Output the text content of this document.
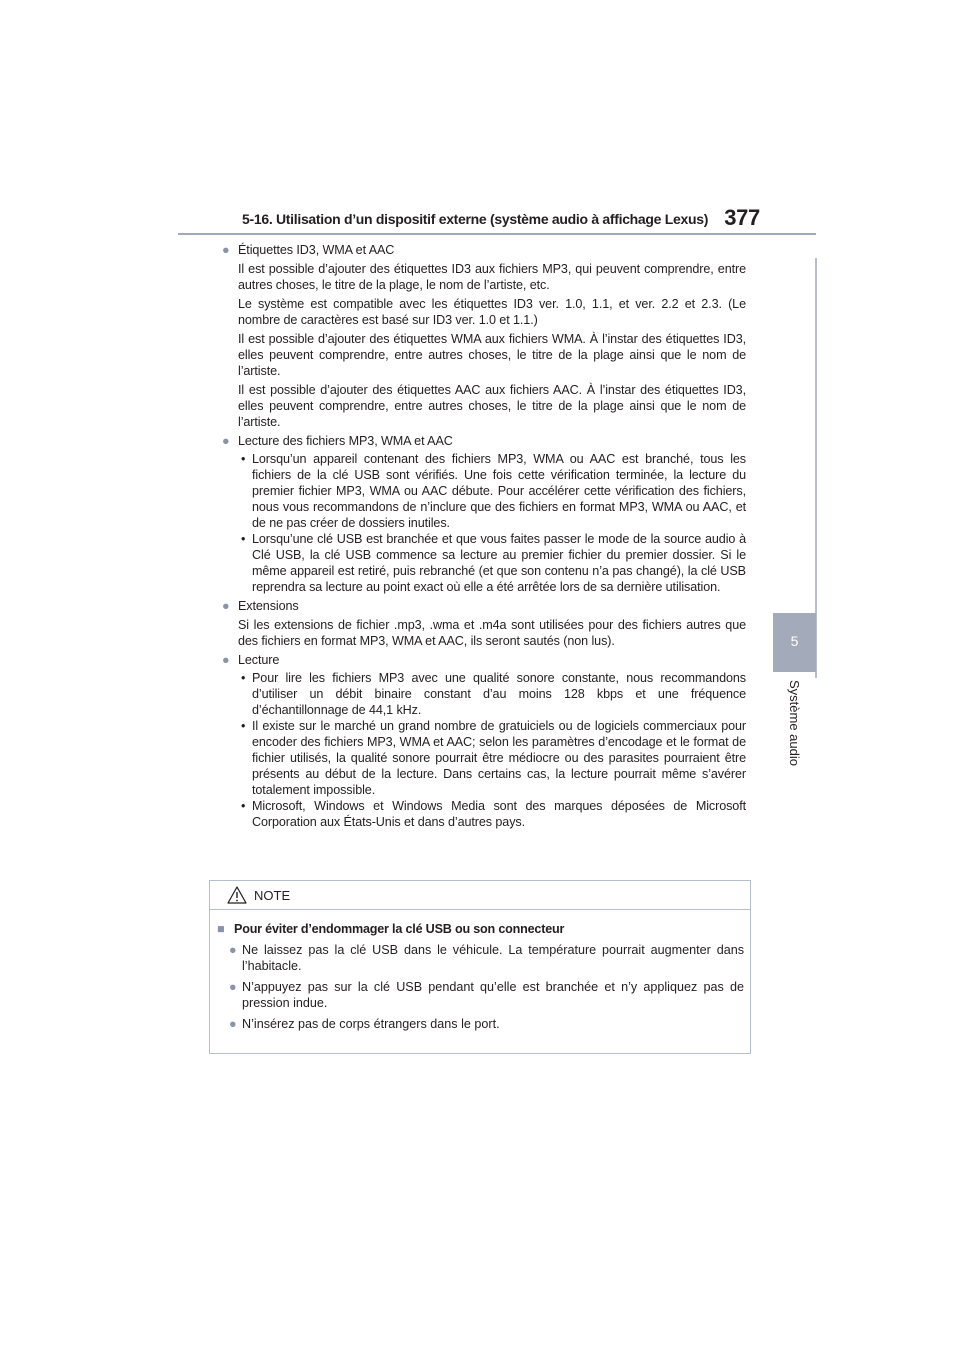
5-16. Utilisation d’un dispositif externe (système audio à affichage Lexus) 377
5
Système audio
● Étiquettes ID3, WMA et AAC
Il est possible d’ajouter des étiquettes ID3 aux fichiers MP3, qui peuvent comprendre, entre autres choses, le titre de la plage, le nom de l’artiste, etc.
Le système est compatible avec les étiquettes ID3 ver. 1.0, 1.1, et ver. 2.2 et 2.3. (Le nombre de caractères est basé sur ID3 ver. 1.0 et 1.1.)
Il est possible d’ajouter des étiquettes WMA aux fichiers WMA. À l’instar des étiquettes ID3, elles peuvent comprendre, entre autres choses, le titre de la plage ainsi que le nom de l’artiste.
Il est possible d’ajouter des étiquettes AAC aux fichiers AAC. À l’instar des étiquettes ID3, elles peuvent comprendre, entre autres choses, le titre de la plage ainsi que le nom de l’artiste.
● Lecture des fichiers MP3, WMA et AAC
• Lorsqu’un appareil contenant des fichiers MP3, WMA ou AAC est branché, tous les fichiers de la clé USB sont vérifiés. Une fois cette vérification terminée, la lecture du premier fichier MP3, WMA ou AAC débute. Pour accélérer cette vérification des fichiers, nous vous recommandons de n’inclure que des fichiers en format MP3, WMA ou AAC, et de ne pas créer de dossiers inutiles.
• Lorsqu’une clé USB est branchée et que vous faites passer le mode de la source audio à Clé USB, la clé USB commence sa lecture au premier fichier du premier dossier. Si le même appareil est retiré, puis rebranché (et que son contenu n’a pas changé), la clé USB reprendra sa lecture au point exact où elle a été arrêtée lors de sa dernière utilisation.
● Extensions
Si les extensions de fichier .mp3, .wma et .m4a sont utilisées pour des fichiers autres que des fichiers en format MP3, WMA et AAC, ils seront sautés (non lus).
● Lecture
• Pour lire les fichiers MP3 avec une qualité sonore constante, nous recommandons d’utiliser un débit binaire constant d’au moins 128 kbps et une fréquence d’échantillonnage de 44,1 kHz.
• Il existe sur le marché un grand nombre de gratuiciels ou de logiciels commerciaux pour encoder des fichiers MP3, WMA et AAC; selon les paramètres d’encodage et le format de fichier utilisés, la qualité sonore pourrait être médiocre ou des parasites pourraient être présents au début de la lecture. Dans certains cas, la lecture pourrait même s’avérer totalement impossible.
• Microsoft, Windows et Windows Media sont des marques déposées de Microsoft Corporation aux États-Unis et dans d’autres pays.
NOTE
■ Pour éviter d’endommager la clé USB ou son connecteur
● Ne laissez pas la clé USB dans le véhicule. La température pourrait augmenter dans l’habitacle.
● N’appuyez pas sur la clé USB pendant qu’elle est branchée et n’y appliquez pas de pression indue.
● N’insérez pas de corps étrangers dans le port.
